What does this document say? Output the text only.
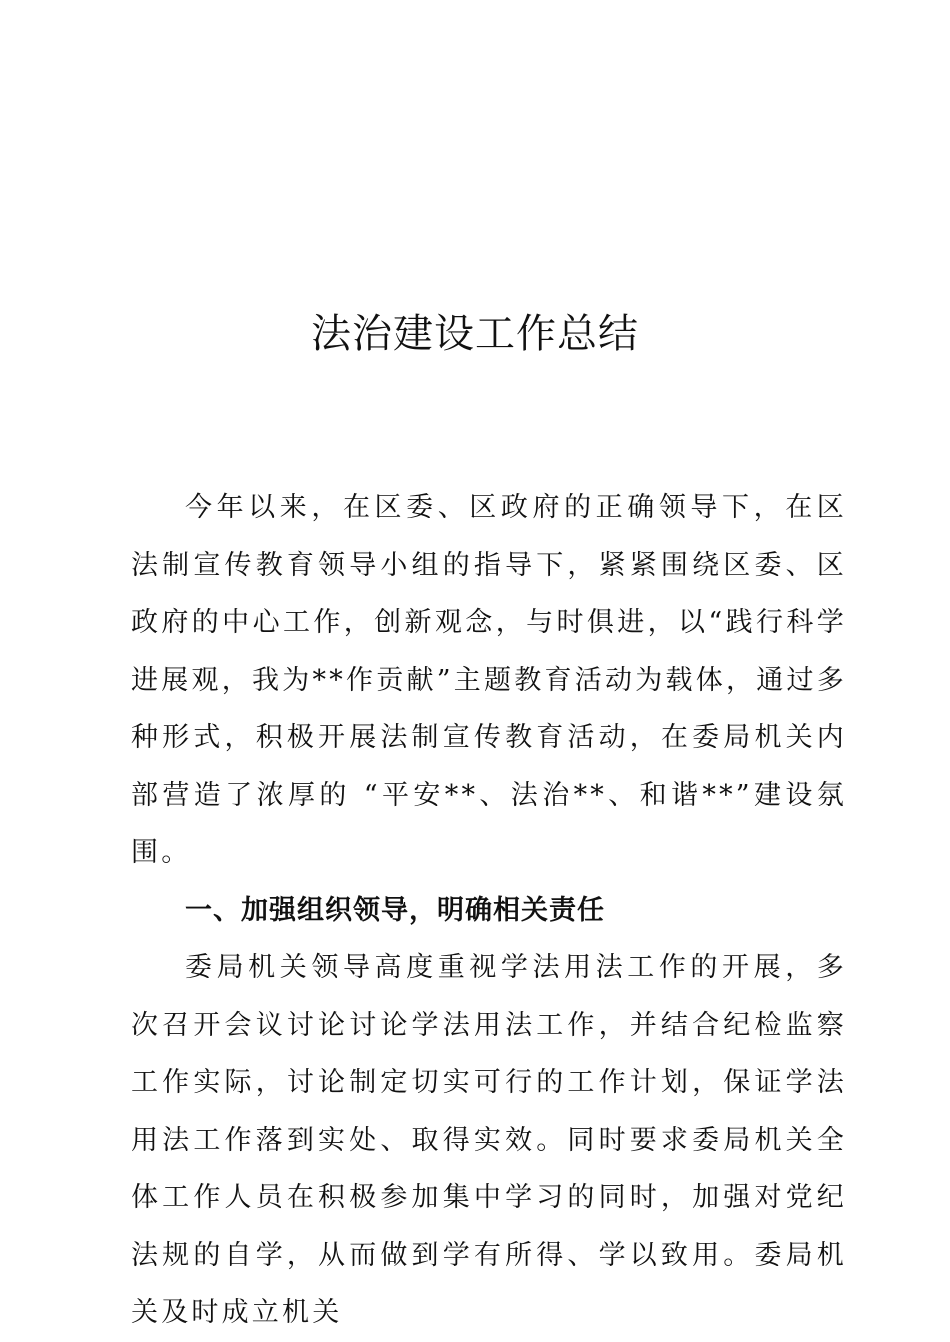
法治建设工作总结

今年以来，在区委、区政府的正确领导下，在区法制宣传教育领导小组的指导下，紧紧围绕区委、区政府的中心工作，创新观念，与时俱进，以“践行科学进展观，我为**作贡献”主题教育活动为载体，通过多种形式，积极开展法制宣传教育活动，在委局机关内部营造了浓厚的 “平安**、法治**、和谐**”建设氛围。

一、加强组织领导，明确相关责任

委局机关领导高度重视学法用法工作的开展，多次召开会议讨论讨论学法用法工作，并结合纪检监察工作实际，讨论制定切实可行的工作计划，保证学法用法工作落到实处、取得实效。同时要求委局机关全体工作人员在积极参加集中学习的同时，加强对党纪法规的自学，从而做到学有所得、学以致用。委局机关及时成立机关
